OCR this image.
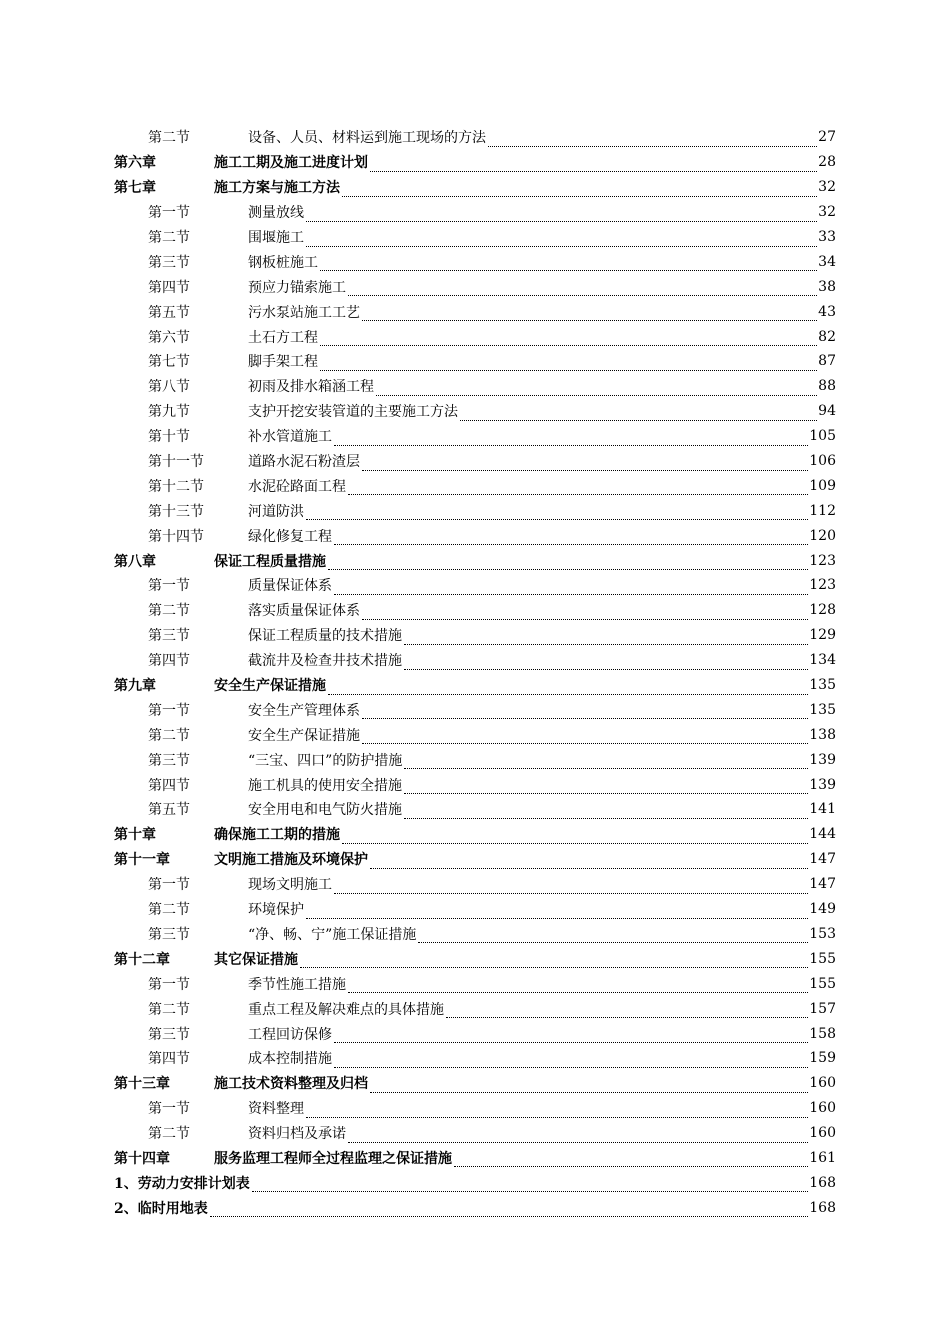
第二节	设备、人员、材料运到施工现场的方法	27
第六章	施工工期及施工进度计划	28
第七章	施工方案与施工方法	32
第一节	测量放线	32
第二节	围堰施工	33
第三节	钢板桩施工	34
第四节	预应力锚索施工	38
第五节	污水泵站施工工艺	43
第六节	土石方工程	82
第七节	脚手架工程	87
第八节	初雨及排水箱涵工程	88
第九节	支护开挖安装管道的主要施工方法	94
第十节	补水管道施工	105
第十一节	道路水泥石粉渣层	106
第十二节	水泥砼路面工程	109
第十三节	河道防洪	112
第十四节	绿化修复工程	120
第八章	保证工程质量措施	123
第一节	质量保证体系	123
第二节	落实质量保证体系	128
第三节	保证工程质量的技术措施	129
第四节	截流井及检查井技术措施	134
第九章	安全生产保证措施	135
第一节	安全生产管理体系	135
第二节	安全生产保证措施	138
第三节	“三宝、四口”的防护措施	139
第四节	施工机具的使用安全措施	139
第五节	安全用电和电气防火措施	141
第十章	确保施工工期的措施	144
第十一章	文明施工措施及环境保护	147
第一节	现场文明施工	147
第二节	环境保护	149
第三节	“净、畅、宁”施工保证措施	153
第十二章	其它保证措施	155
第一节	季节性施工措施	155
第二节	重点工程及解决难点的具体措施	157
第三节	工程回访保修	158
第四节	成本控制措施	159
第十三章	施工技术资料整理及归档	160
第一节	资料整理	160
第二节	资料归档及承诺	160
第十四章	服务监理工程师全过程监理之保证措施	161
1、劳动力安排计划表	168
2、临时用地表	168
